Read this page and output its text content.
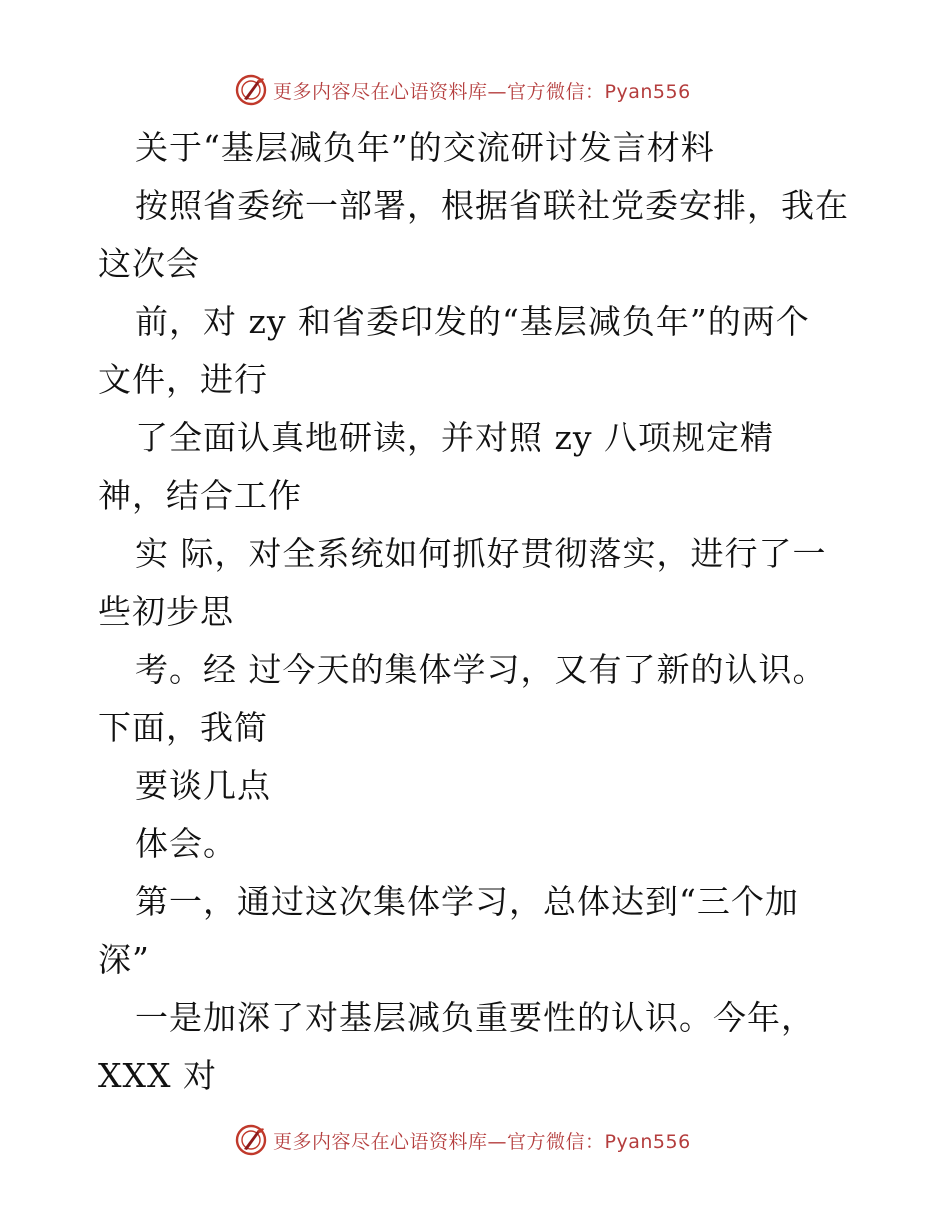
更多内容尽在心语资料库—官方微信：Pyan556
关于“基层减负年”的交流研讨发言材料
按照省委统一部署，根据省联社党委安排，我在
这次会
前，对 zy 和省委印发的“基层减负年”的两个
文件，进行
了全面认真地研读，并对照 zy 八项规定精
神，结合工作
实 际，对全系统如何抓好贯彻落实，进行了一
些初步思
考。经 过今天的集体学习，又有了新的认识。
下面，我简
要谈几点
体会。
第一，通过这次集体学习，总体达到“三个加
深”
一是加深了对基层减负重要性的认识。今年，
XXX 对
更多内容尽在心语资料库—官方微信：Pyan556
